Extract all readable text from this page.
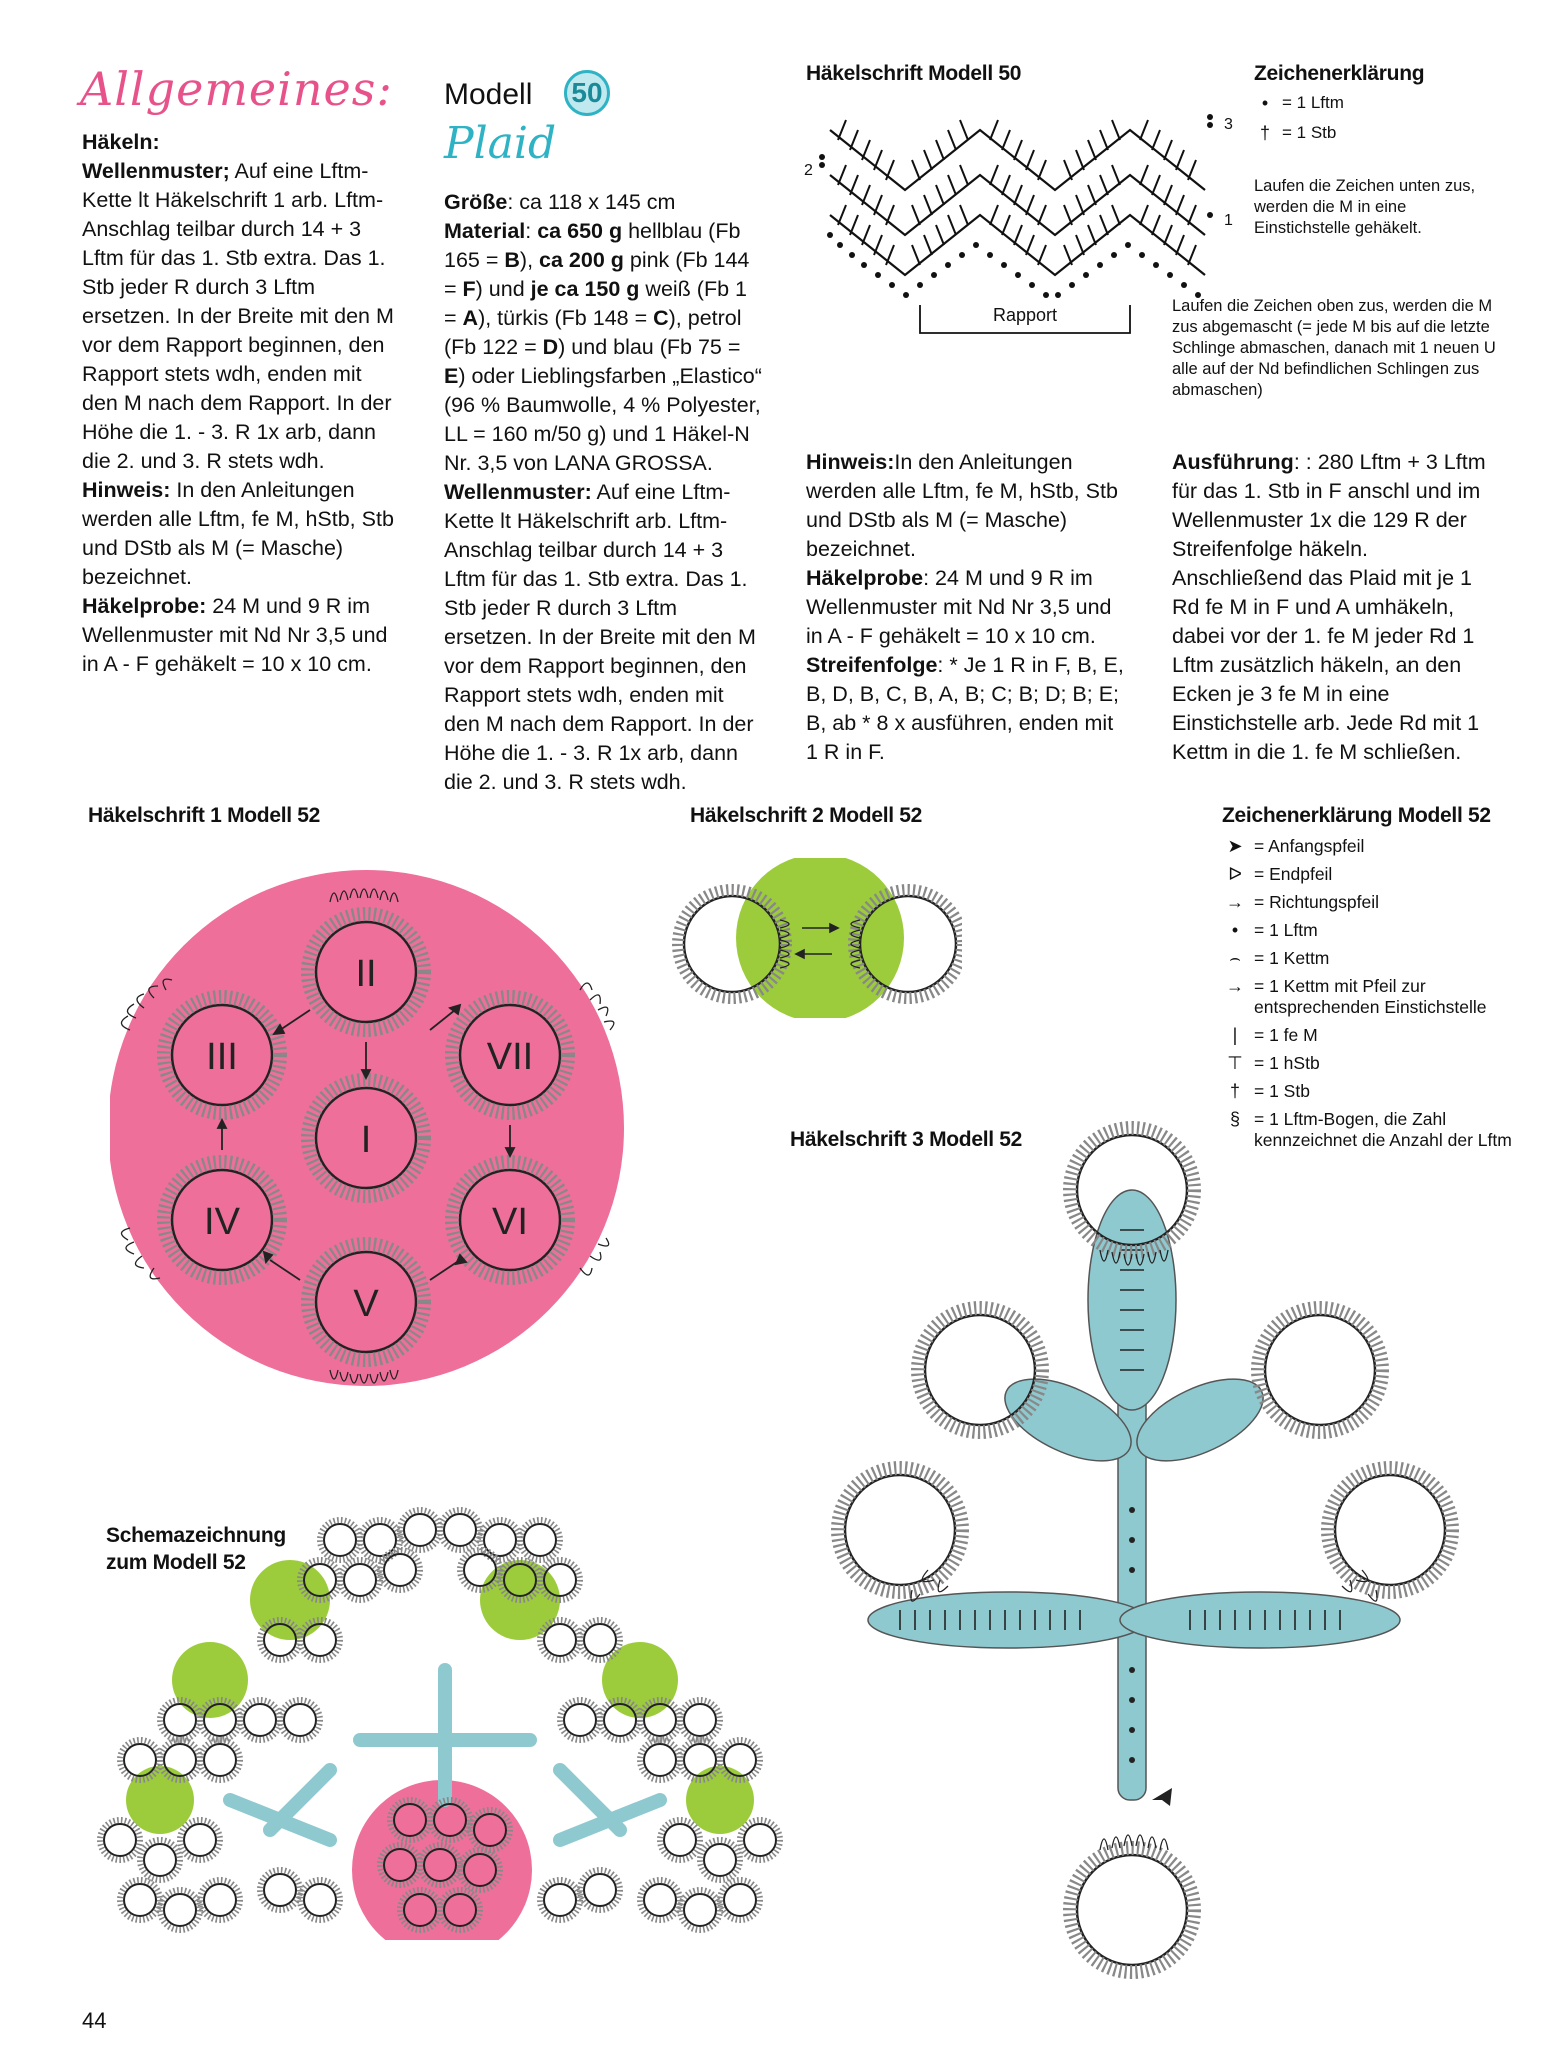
Allgemeines:

Häkeln:

Wellenmuster; Auf eine Lftm-Kette lt Häkelschrift 1 arb. Lftm-Anschlag teilbar durch 14 + 3 Lftm für das 1. Stb extra. Das 1. Stb jeder R durch 3 Lftm ersetzen. In der Breite mit den M vor dem Rapport beginnen, den Rapport stets wdh, enden mit den M nach dem Rapport. In der Höhe die 1. - 3. R 1x arb, dann die 2. und 3. R stets wdh.

Hinweis: In den Anleitungen werden alle Lftm, fe M, hStb, Stb und DStb als M (= Masche) bezeichnet.

Häkelprobe: 24 M und 9 R im Wellenmuster mit Nd Nr 3,5 und in A - F gehäkelt = 10 x 10 cm.

Modell 50
Plaid

Größe: ca 118 x 145 cm

Material: ca 650 g hellblau (Fb 165 = B), ca 200 g pink (Fb 144 = F) und je ca 150 g weiß (Fb 1 = A), türkis (Fb 148 = C), petrol (Fb 122 = D) und blau (Fb 75 = E) oder Lieblingsfarben „Elastico“ (96 % Baumwolle, 4 % Polyester, LL = 160 m/50 g) und 1 Häkel-N Nr. 3,5 von LANA GROSSA.

Wellenmuster: Auf eine Lftm-Kette lt Häkelschrift arb. Lftm-Anschlag teilbar durch 14 + 3 Lftm für das 1. Stb extra. Das 1. Stb jeder R durch 3 Lftm ersetzen. In der Breite mit den M vor dem Rapport beginnen, den Rapport stets wdh, enden mit den M nach dem Rapport. In der Höhe die 1. - 3. R 1x arb, dann die 2. und 3. R stets wdh.

Hinweis:In den Anleitungen werden alle Lftm, fe M, hStb, Stb und DStb als M (= Masche) bezeichnet.

Häkelprobe: 24 M und 9 R im Wellenmuster mit Nd Nr 3,5 und in A - F gehäkelt = 10 x 10 cm.

Streifenfolge: * Je 1 R in F, B, E, B, D, B, C, B, A, B; C; B; D; B; E; B, ab * 8 x ausführen, enden mit 1 R in F.

Ausführung: : 280 Lftm + 3 Lftm für das 1. Stb in F anschl und im Wellenmuster 1x die 129 R der Streifenfolge häkeln. Anschließend das Plaid mit je 1 Rd fe M in F und A umhäkeln, dabei vor der 1. fe M jeder Rd 1 Lftm zusätzlich häkeln, an den Ecken je 3 fe M in eine Einstichstelle arb. Jede Rd mit 1 Kettm in die 1. fe M schließen.

Häkelschrift Modell 50
Rapport
3
2
1
Zeichenerklärung
• = 1 Lftm
† = 1 Stb
Laufen die Zeichen unten zus, werden die M in eine Einstichstelle gehäkelt.
Laufen die Zeichen oben zus, werden die M zus abgemascht (= jede M bis auf die letzte Schlinge abmaschen, danach mit 1 neuen U alle auf der Nd befindlichen Schlingen zus abmaschen)
Häkelschrift 1 Modell 52
I
II
III
IV
V
VI
VII
Häkelschrift 2 Modell 52	Zeichenerklärung Modell 52
➤ = Anfangspfeil
ᐅ = Endpfeil
→ = Richtungspfeil
• = 1 Lftm
⌢ = 1 Kettm
→ = 1 Kettm mit Pfeil zur entsprechenden Einstichstelle
| = 1 fe M
⊤ = 1 hStb
† = 1 Stb
§ = 1 Lftm-Bogen, die Zahl kennzeichnet die Anzahl der Lftm
Häkelschrift 3 Modell 52
Schemazeichnung zum Modell 52
44
